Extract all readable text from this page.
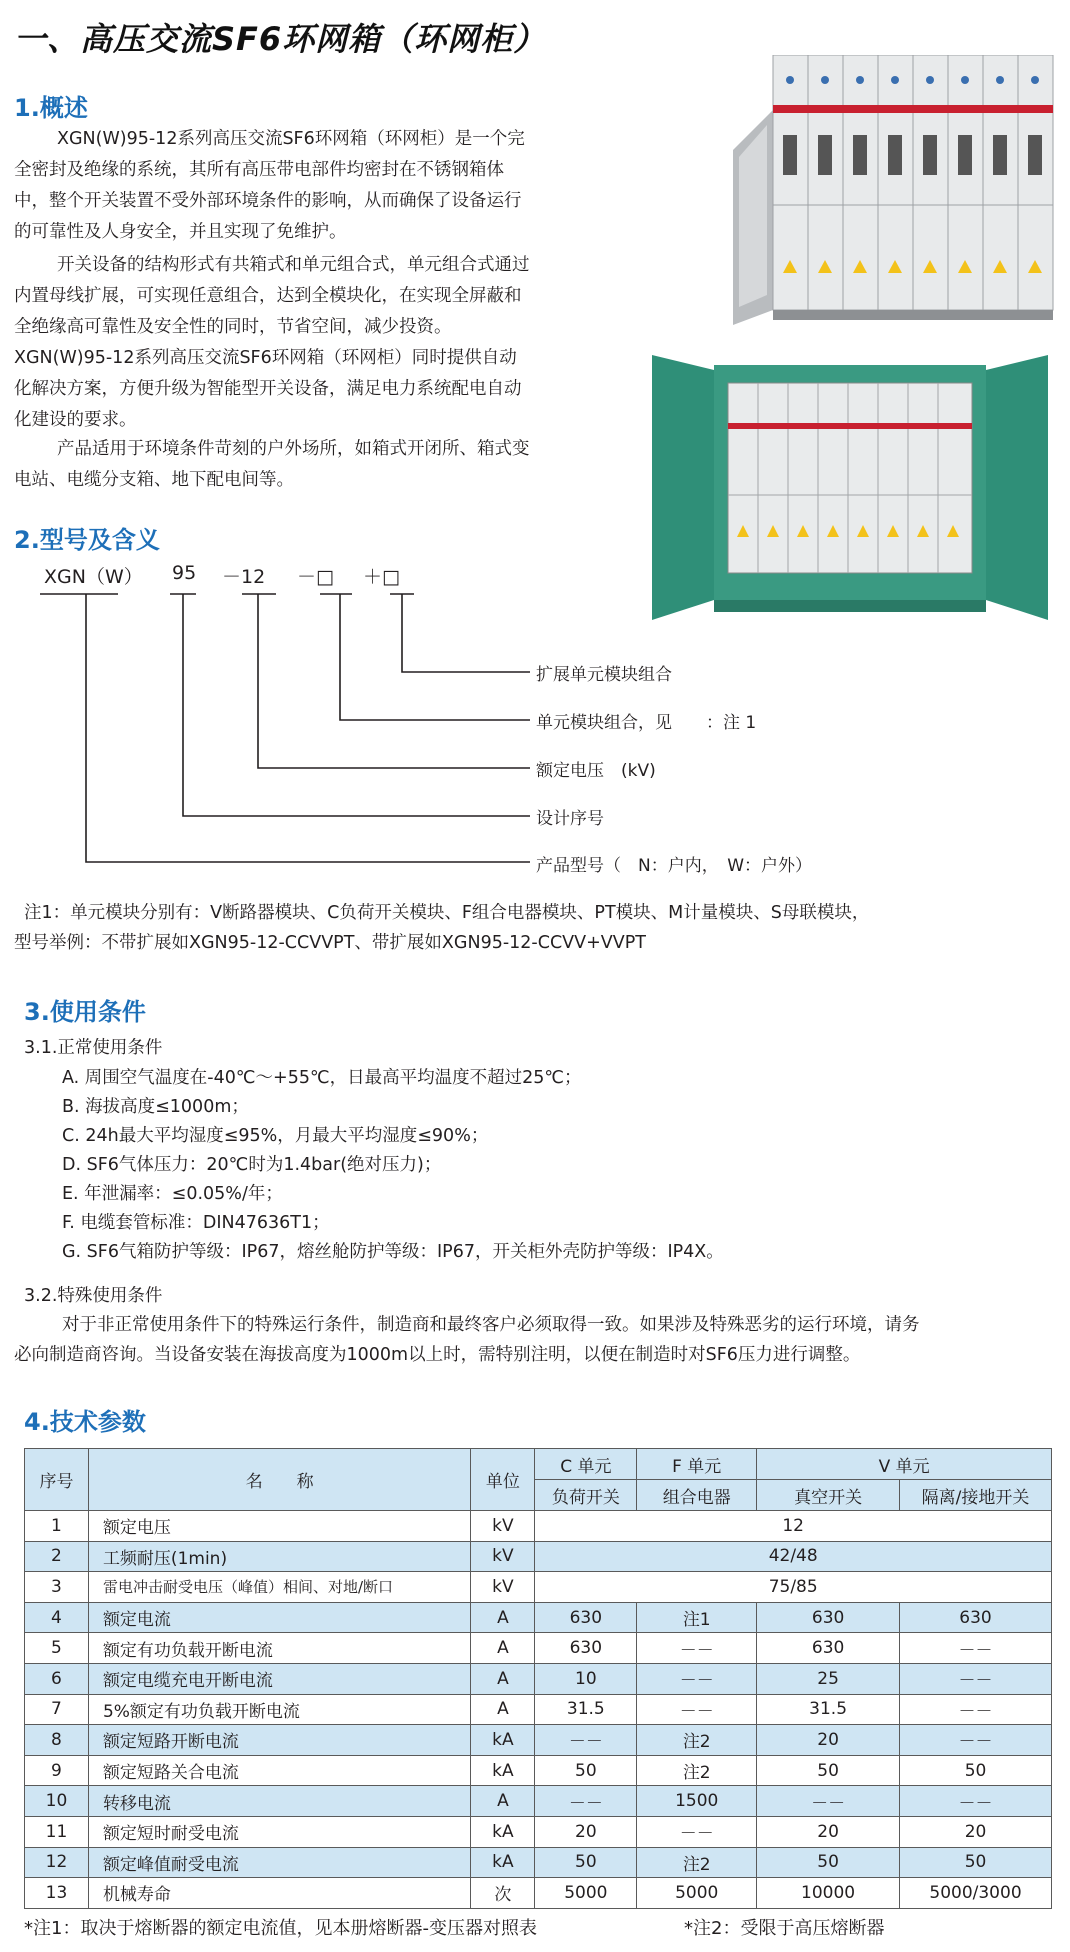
一、高压交流SF6环网箱（环网柜）
1.概述
XGN(W)95-12系列高压交流SF6环网箱（环网柜）是一个完
全密封及绝缘的系统，其所有高压带电部件均密封在不锈钢箱体
中，整个开关装置不受外部环境条件的影响，从而确保了设备运行
的可靠性及人身安全，并且实现了免维护。
开关设备的结构形式有共箱式和单元组合式，单元组合式通过
内置母线扩展，可实现任意组合，达到全模块化，在实现全屏蔽和
全绝缘高可靠性及安全性的同时，节省空间，减少投资。
XGN(W)95-12系列高压交流SF6环网箱（环网柜）同时提供自动
化解决方案，方便升级为智能型开关设备，满足电力系统配电自动
化建设的要求。
产品适用于环境条件苛刻的户外场所，如箱式开闭所、箱式变
电站、电缆分支箱、地下配电间等。
2.型号及含义
XGN（W） 95 －12 －□ ＋□
扩展单元模块组合
单元模块组合，见　　：注 1
额定电压　(kV)
设计序号
产品型号（　N：户内，　W：户外）
注1：单元模块分别有：V断路器模块、C负荷开关模块、F组合电器模块、PT模块、M计量模块、S母联模块，
型号举例：不带扩展如XGN95-12-CCVVPT、带扩展如XGN95-12-CCVV+VVPT
3.使用条件
3.1.正常使用条件
A. 周围空气温度在-40℃～+55℃，日最高平均温度不超过25℃；
B. 海拔高度≤1000m；
C. 24h最大平均湿度≤95%，月最大平均湿度≤90%；
D. SF6气体压力：20℃时为1.4bar(绝对压力)；
E. 年泄漏率：≤0.05%/年；
F. 电缆套管标准：DIN47636T1；
G. SF6气箱防护等级：IP67，熔丝舱防护等级：IP67，开关柜外壳防护等级：IP4X。
3.2.特殊使用条件
对于非正常使用条件下的特殊运行条件，制造商和最终客户必须取得一致。如果涉及特殊恶劣的运行环境，请务
必向制造商咨询。当设备安装在海拔高度为1000m以上时，需特别注明，以便在制造时对SF6压力进行调整。
4.技术参数
序号	名　　称	单位	C 单元	F 单元	V 单元	
			负荷开关	组合电器	真空开关	隔离/接地开关
1	额定电压	kV	12			
2	工频耐压(1min)	kV	42/48			
3	雷电冲击耐受电压（峰值）相间、对地/断口	kV	75/85			
4	额定电流	A	630	注1	630	630
5	额定有功负载开断电流	A	630	－－	630	－－
6	额定电缆充电开断电流	A	10	－－	25	－－
7	5%额定有功负载开断电流	A	31.5	－－	31.5	－－
8	额定短路开断电流	kA	－－	注2	20	－－
9	额定短路关合电流	kA	50	注2	50	50
10	转移电流	A	－－	1500	－－	－－
11	额定短时耐受电流	kA	20	－－	20	20
12	额定峰值耐受电流	kA	50	注2	50	50
13	机械寿命	次	5000	5000	10000	5000/3000
*注1：取决于熔断器的额定电流值，见本册熔断器-变压器对照表	*注2：受限于高压熔断器
